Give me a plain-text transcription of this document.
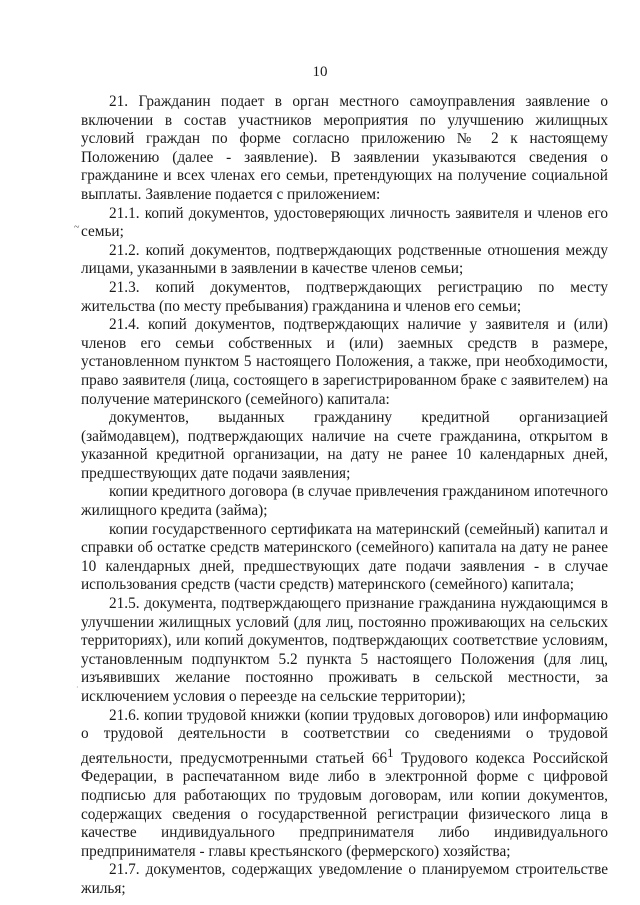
10
~
·

21. Гражданин подает в орган местного самоуправления заявление о включении в состав участников мероприятия по улучшению жилищных условий граждан по форме согласно приложению № 2 к настоящему Положению (далее - заявление). В заявлении указываются сведения о гражданине и всех членах его семьи, претендующих на получение социальной выплаты. Заявление подается с приложением:

21.1. копий документов, удостоверяющих личность заявителя и членов его семьи;

21.2. копий документов, подтверждающих родственные отношения между лицами, указанными в заявлении в качестве членов семьи;

21.3. копий документов, подтверждающих регистрацию по месту жительства (по месту пребывания) гражданина и членов его семьи;

21.4. копий документов, подтверждающих наличие у заявителя и (или) членов его семьи собственных и (или) заемных средств в размере, установленном пунктом 5 настоящего Положения, а также, при необходимости, право заявителя (лица, состоящего в зарегистрированном браке с заявителем) на получение материнского (семейного) капитала:

документов, выданных гражданину кредитной организацией (займодавцем), подтверждающих наличие на счете гражданина, открытом в указанной кредитной организации, на дату не ранее 10 календарных дней, предшествующих дате подачи заявления;

копии кредитного договора (в случае привлечения гражданином ипотечного жилищного кредита (займа);

копии государственного сертификата на материнский (семейный) капитал и справки об остатке средств материнского (семейного) капитала на дату не ранее 10 календарных дней, предшествующих дате подачи заявления - в случае использования средств (части средств) материнского (семейного) капитала;

21.5. документа, подтверждающего признание гражданина нуждающимся в улучшении жилищных условий (для лиц, постоянно проживающих на сельских территориях), или копий документов, подтверждающих соответствие условиям, установленным подпунктом 5.2 пункта 5 настоящего Положения (для лиц, изъявивших желание постоянно проживать в сельской местности, за исключением условия о переезде на сельские территории);

21.6. копии трудовой книжки (копии трудовых договоров) или информацию о трудовой деятельности в соответствии со сведениями о трудовой деятельности, предусмотренными статьей $66^1$ Трудового кодекса Российской Федерации, в распечатанном виде либо в электронной форме с цифровой подписью для работающих по трудовым договорам, или копии документов, содержащих сведения о государственной регистрации физического лица в качестве индивидуального предпринимателя либо индивидуального предпринимателя - главы крестьянского (фермерского) хозяйства;

21.7. документов, содержащих уведомление о планируемом строительстве жилья;
